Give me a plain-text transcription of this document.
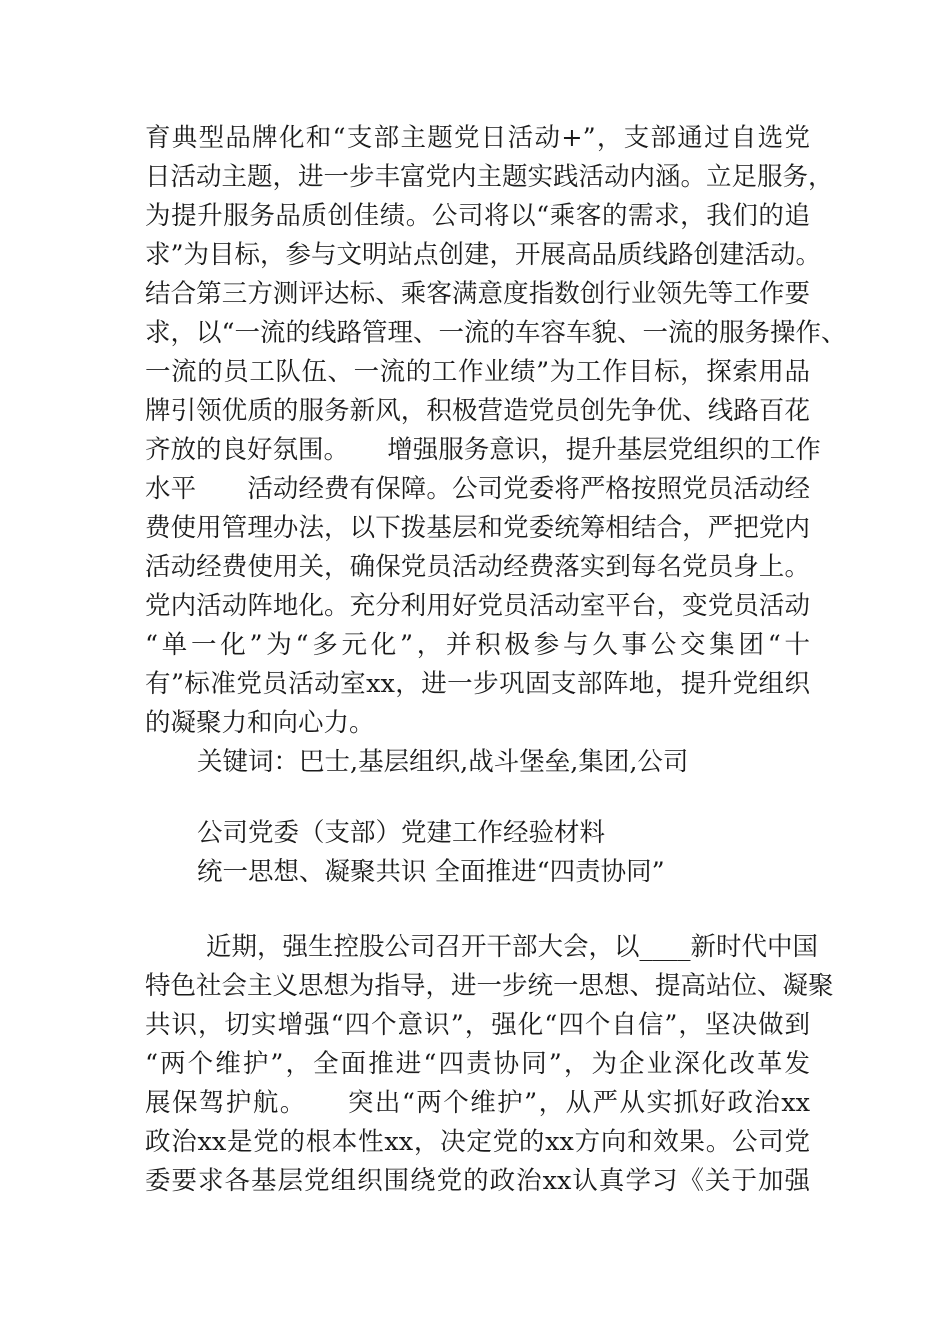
育典型品牌化和“支部主题党日活动+”，支部通过自选党
日活动主题，进一步丰富党内主题实践活动内涵。立足服务，
为提升服务品质创佳绩。公司将以“乘客的需求，我们的追
求”为目标，参与文明站点创建，开展高品质线路创建活动。
结合第三方测评达标、乘客满意度指数创行业领先等工作要
求，以“一流的线路管理、一流的车容车貌、一流的服务操作、
一流的员工队伍、一流的工作业绩”为工作目标，探索用品
牌引领优质的服务新风，积极营造党员创先争优、线路百花
齐放的良好氛围。　　增强服务意识，提升基层党组织的工作
水平　　活动经费有保障。公司党委将严格按照党员活动经
费使用管理办法，以下拨基层和党委统筹相结合，严把党内
活动经费使用关，确保党员活动经费落实到每名党员身上。
党内活动阵地化。充分利用好党员活动室平台，变党员活动
“单一化”为“多元化”，并积极参与久事公交集团“十
有”标准党员活动室xx，进一步巩固支部阵地，提升党组织
的凝聚力和向心力。
关键词：巴士,基层组织,战斗堡垒,集团,公司
公司党委（支部）党建工作经验材料
统一思想、凝聚共识 全面推进“四责协同”
近期，强生控股公司召开干部大会，以____新时代中国
特色社会主义思想为指导，进一步统一思想、提高站位、凝聚
共识，切实增强“四个意识”，强化“四个自信”，坚决做到
“两个维护”，全面推进“四责协同”，为企业深化改革发
展保驾护航。　　突出“两个维护”，从严从实抓好政治xx
政治xx是党的根本性xx，决定党的xx方向和效果。公司党
委要求各基层党组织围绕党的政治xx认真学习《关于加强
